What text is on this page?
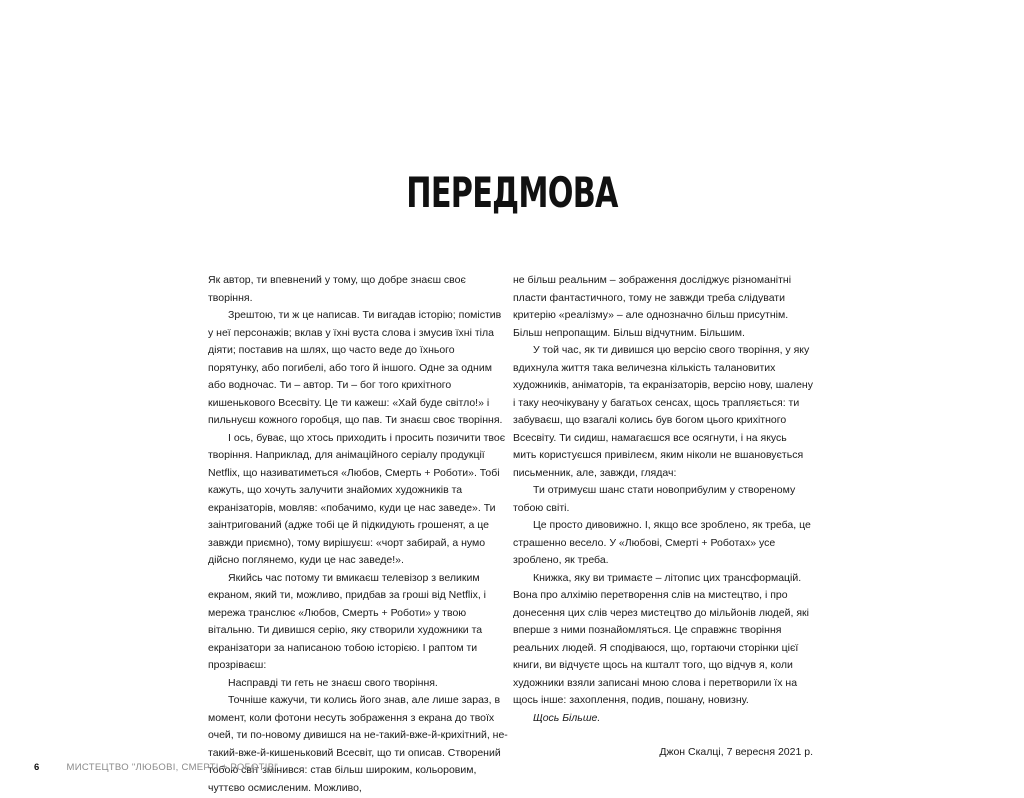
ПЕРЕДМОВА

Як автор, ти впевнений у тому, що добре знаєш своє творіння.

Зрештою, ти ж це написав. Ти вигадав історію; помістив у неї персонажів; вклав у їхні вуста слова і змусив їхні тіла діяти; поставив на шлях, що часто веде до їхнього порятунку, або погибелі, або того й іншого. Одне за одним або водночас. Ти – автор. Ти – бог того крихітного кишенькового Всесвіту. Це ти кажеш: «Хай буде світло!» і пильнуєш кожного горобця, що пав. Ти знаєш своє творіння.

І ось, буває, що хтось приходить і просить позичити твоє творіння. Наприклад, для анімаційного серіалу продукції Netflix, що називатиметься «Любов, Смерть + Роботи». Тобі кажуть, що хочуть залучити знайомих художників та екранізаторів, мовляв: «побачимо, куди це нас заведе». Ти заінтригований (адже тобі це й підкидують грошенят, а це завжди приємно), тому вирішуєш: «чорт забирай, а нумо дійсно поглянемо, куди це нас заведе!».

Якийсь час потому ти вмикаєш телевізор з великим екраном, який ти, можливо, придбав за гроші від Netflix, і мережа транслює «Любов, Смерть + Роботи» у твою вітальню. Ти дивишся серію, яку створили художники та екранізатори за написаною тобою історією. І раптом ти прозріваєш:

Насправді ти геть не знаєш свого творіння.

Точніше кажучи, ти колись його знав, але лише зараз, в момент, коли фотони несуть зображення з екрана до твоїх очей, ти по-новому дивишся на не-такий-вже-й-крихітний, не-такий-вже-й-кишеньковий Всесвіт, що ти описав. Створений тобою світ змінився: став більш широким, кольоровим, чуттєво осмисленим. Можливо,

не більш реальним – зображення досліджує різноманітні пласти фантастичного, тому не завжди треба слідувати критерію «реалізму» – але однозначно більш присутнім. Більш непропащим. Більш відчутним. Більшим.

У той час, як ти дивишся цю версію свого творіння, у яку вдихнула життя така величезна кількість талановитих художників, аніматорів, та екранізаторів, версію нову, шалену і таку неочікувану у багатьох сенсах, щось трапляється: ти забуваєш, що взагалі колись був богом цього крихітного Всесвіту. Ти сидиш, намагаєшся все осягнути, і на якусь мить користуєшся привілеєм, яким ніколи не вшановується письменник, але, завжди, глядач:

Ти отримуєш шанс стати новоприбулим у створеному тобою світі.

Це просто дивовижно. І, якщо все зроблено, як треба, це страшенно весело. У «Любові, Смерті + Роботах» усе зроблено, як треба.

Книжка, яку ви тримаєте – літопис цих трансформацій. Вона про алхімію перетворення слів на мистецтво, і про донесення цих слів через мистецтво до мільйонів людей, які вперше з ними познайомляться. Це справжнє творіння реальних людей. Я сподіваюся, що, гортаючи сторінки цієї книги, ви відчуєте щось на кшталт того, що відчув я, коли художники взяли записані мною слова і перетворили їх на щось інше: захоплення, подив, пошану, новизну.

Щось Більше.

Джон Скалці, 7 вересня 2021 р.

6	МИСТЕЦТВО "ЛЮБОВІ, СМЕРТІ + РОБОТІВ"
